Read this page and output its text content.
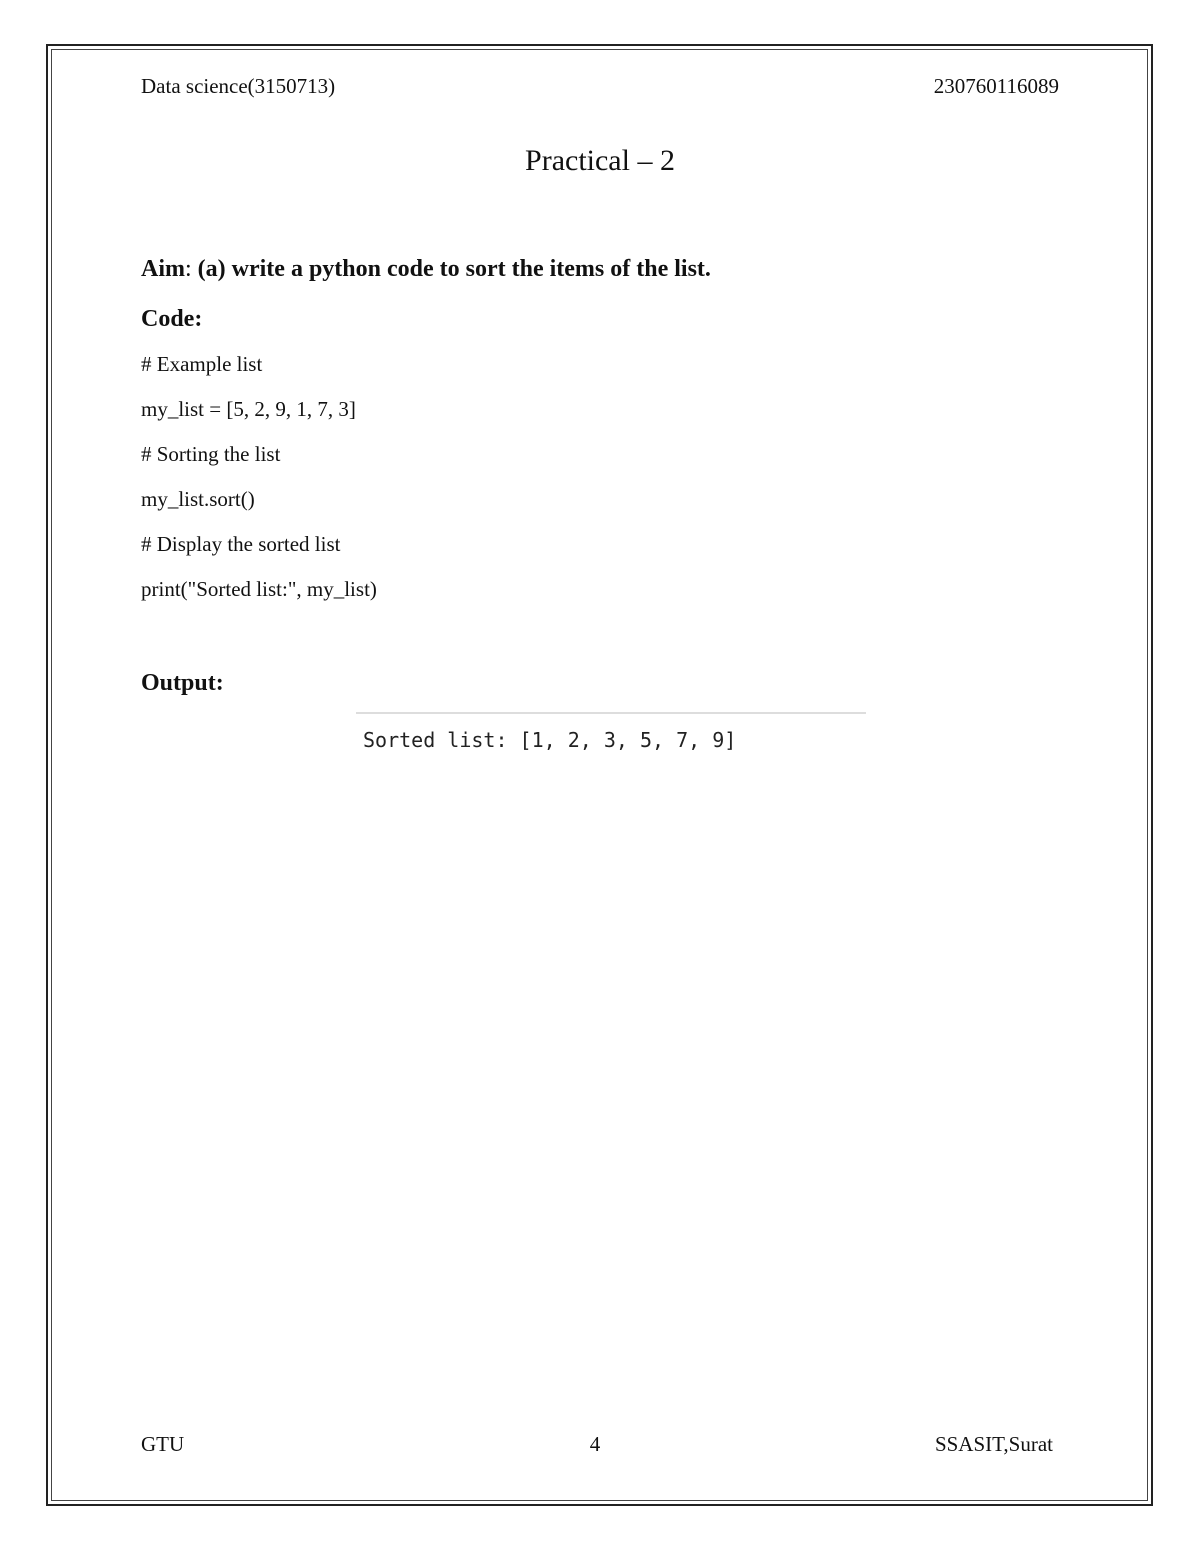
Data science(3150713)	230760116089
Practical – 2
Aim: (a) write a python code to sort the items of the list.
Code:
# Example list
my_list = [5, 2, 9, 1, 7, 3]
# Sorting the list
my_list.sort()
# Display the sorted list
print("Sorted list:", my_list)
Output:
Sorted list: [1, 2, 3, 5, 7, 9]
GTU	4	SSASIT,Surat
